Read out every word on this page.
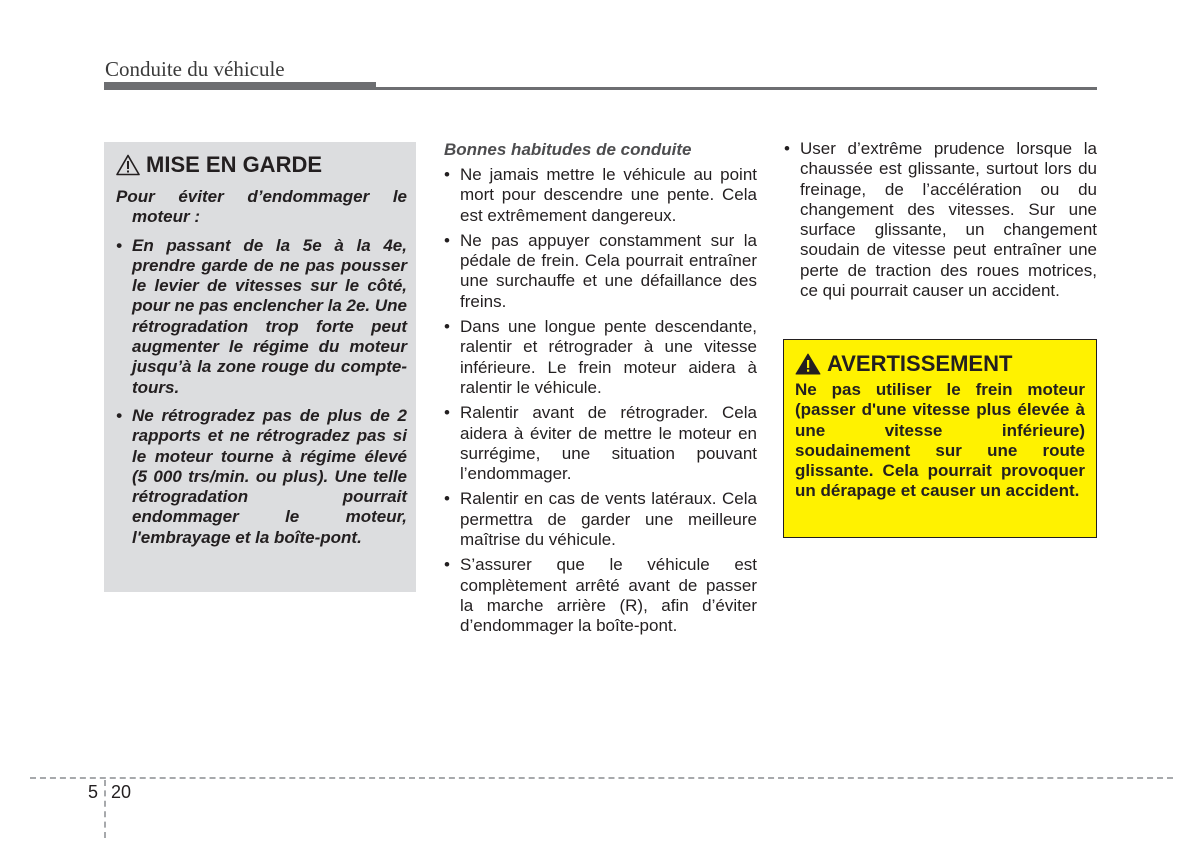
Conduite du véhicule
MISE EN GARDE

Pour éviter d’endommager le moteur :

• En passant de la 5e à la 4e, prendre garde de ne pas pousser le levier de vitesses sur le côté, pour ne pas enclencher la 2e. Une rétrogradation trop forte peut augmenter le régime du moteur jusqu’à la zone rouge du compte-tours.
• Ne rétrogradez pas de plus de 2 rapports et ne rétrogradez pas si le moteur tourne à régime élevé (5 000 trs/min. ou plus). Une telle rétrogradation pourrait endommager le moteur, l'embrayage et la boîte-pont.

Bonnes habitudes de conduite

• Ne jamais mettre le véhicule au point mort pour descendre une pente. Cela est extrêmement dangereux.
• Ne pas appuyer constamment sur la pédale de frein. Cela pourrait entraîner une surchauffe et une défaillance des freins.
• Dans une longue pente descendante, ralentir et rétrograder à une vitesse inférieure. Le frein moteur aidera à ralentir le véhicule.
• Ralentir avant de rétrograder. Cela aidera à éviter de mettre le moteur en surrégime, une situation pouvant l’endommager.
• Ralentir en cas de vents latéraux. Cela permettra de garder une meilleure maîtrise du véhicule.
• S’assurer que le véhicule est complètement arrêté avant de passer la marche arrière (R), afin d’éviter d’endommager la boîte-pont.
• User d’extrême prudence lorsque la chaussée est glissante, surtout lors du freinage, de l’accélération ou du changement des vitesses. Sur une surface glissante, un changement soudain de vitesse peut entraîner une perte de traction des roues motrices, ce qui pourrait causer un accident.
AVERTISSEMENT

Ne pas utiliser le frein moteur (passer d'une vitesse plus élevée à une vitesse inférieure) soudainement sur une route glissante. Cela pourrait provoquer un dérapage et causer un accident.

5 20
